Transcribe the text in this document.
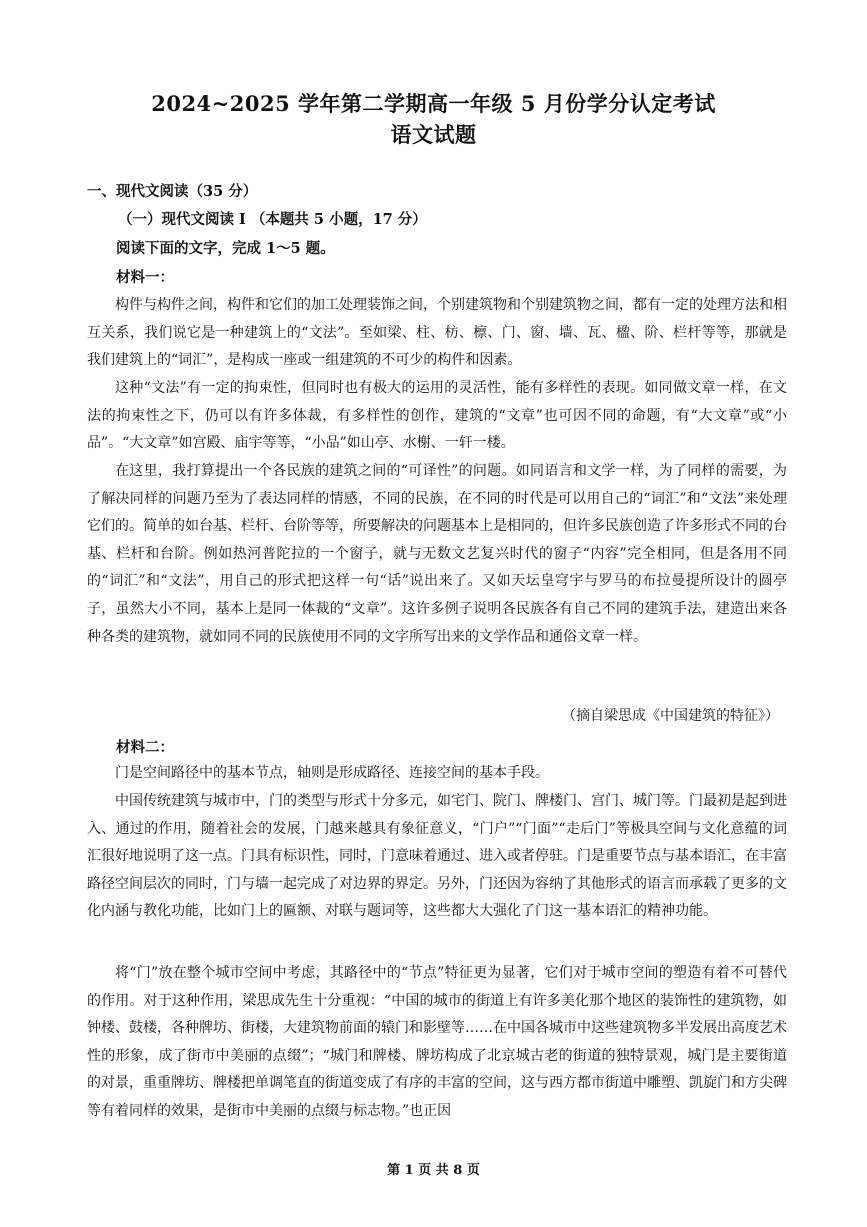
2024~2025 学年第二学期高一年级 5 月份学分认定考试
语文试题
一、现代文阅读（35 分）
（一）现代文阅读 I （本题共 5 小题，17 分）
阅读下面的文字，完成 1～5 题。
材料一：
构件与构件之间，构件和它们的加工处理装饰之间，个别建筑物和个别建筑物之间，都有一定的处理方法和相互关系，我们说它是一种建筑上的“文法”。至如梁、柱、枋、檩、门、窗、墙、瓦、楹、阶、栏杆等等，那就是我们建筑上的“词汇”，是构成一座或一组建筑的不可少的构件和因素。
这种“文法”有一定的拘束性，但同时也有极大的运用的灵活性，能有多样性的表现。如同做文章一样，在文法的拘束性之下，仍可以有许多体裁，有多样性的创作，建筑的“文章”也可因不同的命题，有“大文章”或“小品”。“大文章”如宫殿、庙宇等等，“小品”如山亭、水榭、一轩一楼。
在这里，我打算提出一个各民族的建筑之间的“可译性”的问题。如同语言和文学一样，为了同样的需要，为了解决同样的问题乃至为了表达同样的情感，不同的民族，在不同的时代是可以用自己的“词汇”和“文法”来处理它们的。简单的如台基、栏杆、台阶等等，所要解决的问题基本上是相同的，但许多民族创造了许多形式不同的台基、栏杆和台阶。例如热河普陀拉的一个窗子，就与无数文艺复兴时代的窗子“内容”完全相同，但是各用不同的“词汇”和“文法”，用自己的形式把这样一句“话”说出来了。又如天坛皇穹宇与罗马的布拉曼提所设计的圆亭子，虽然大小不同，基本上是同一体裁的“文章”。这许多例子说明各民族各有自己不同的建筑手法，建造出来各种各类的建筑物，就如同不同的民族使用不同的文字所写出来的文学作品和通俗文章一样。
（摘自梁思成《中国建筑的特征》）
材料二：
门是空间路径中的基本节点，轴则是形成路径、连接空间的基本手段。
中国传统建筑与城市中，门的类型与形式十分多元，如宅门、院门、牌楼门、宫门、城门等。门最初是起到进入、通过的作用，随着社会的发展，门越来越具有象征意义，“门户”“门面”“走后门”等极具空间与文化意蕴的词汇很好地说明了这一点。门具有标识性，同时，门意味着通过、进入或者停驻。门是重要节点与基本语汇，在丰富路径空间层次的同时，门与墙一起完成了对边界的界定。另外，门还因为容纳了其他形式的语言而承载了更多的文化内涵与教化功能，比如门上的匾额、对联与题词等，这些都大大强化了门这一基本语汇的精神功能。
将“门”放在整个城市空间中考虑，其路径中的“节点”特征更为显著，它们对于城市空间的塑造有着不可替代的作用。对于这种作用，梁思成先生十分重视：“中国的城市的街道上有许多美化那个地区的装饰性的建筑物，如钟楼、鼓楼，各种牌坊、街楼，大建筑物前面的辕门和影壁等……在中国各城市中这些建筑物多半发展出高度艺术性的形象，成了街市中美丽的点缀”；“城门和牌楼、牌坊构成了北京城古老的街道的独特景观，城门是主要街道的对景，重重牌坊、牌楼把单调笔直的街道变成了有序的丰富的空间，这与西方都市街道中雕塑、凯旋门和方尖碑等有着同样的效果，是街市中美丽的点缀与标志物。”也正因
第 1 页 共 8 页
